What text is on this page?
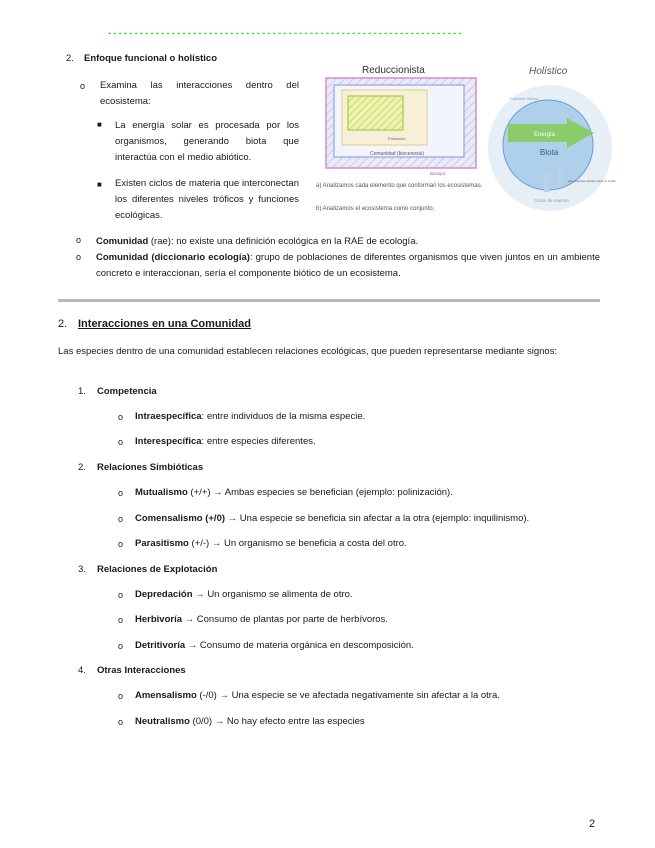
- - - - - - - - - - - - - - - - - - - - - - - - - - - - - - - - - - - - - - - - - - - - - - - - - - - - - - - - - - - - - - - - - - -
2. Enfoque funcional o holístico
o Examina las interacciones dentro del ecosistema:
■ La energía solar es procesada por los organismos, generando biota que interactúa con el medio abiótico.
■ Existen ciclos de materia que interconectan los diferentes niveles tróficos y funciones ecológicas.
Reduccionista
Población
Comunidad (biocenosis)
Biotopo
Holístico
Energía
Biota
Factores físicos
Ciclos de materia
Las especies actúan sobre el medio
a) Analizamos cada elemento que conforman los ecosistemas.
b) Analizamos el ecosistema como conjunto.
o Comunidad (rae): no existe una definición ecológica en la RAE de ecología.
o Comunidad (diccionario ecología): grupo de poblaciones de diferentes organismos que viven juntos en un ambiente concreto e interaccionan, sería el componente biótico de un ecosistema.
2. Interacciones en una Comunidad
Las especies dentro de una comunidad establecen relaciones ecológicas, que pueden representarse mediante signos:
1. Competencia
o Intraespecífica: entre individuos de la misma especie.
o Interespecífica: entre especies diferentes.
2. Relaciones Simbióticas
o Mutualismo (+/+) → Ambas especies se benefician (ejemplo: polinización).
o Comensalismo (+/0) → Una especie se beneficia sin afectar a la otra (ejemplo: inquilinismo).
o Parasitismo (+/-) → Un organismo se beneficia a costa del otro.
3. Relaciones de Explotación
o Depredación → Un organismo se alimenta de otro.
o Herbivoría → Consumo de plantas por parte de herbívoros.
o Detritivoría → Consumo de materia orgánica en descomposición.
4. Otras Interacciones
o Amensalismo (-/0) → Una especie se ve afectada negativamente sin afectar a la otra.
o Neutralismo (0/0) → No hay efecto entre las especies
2
